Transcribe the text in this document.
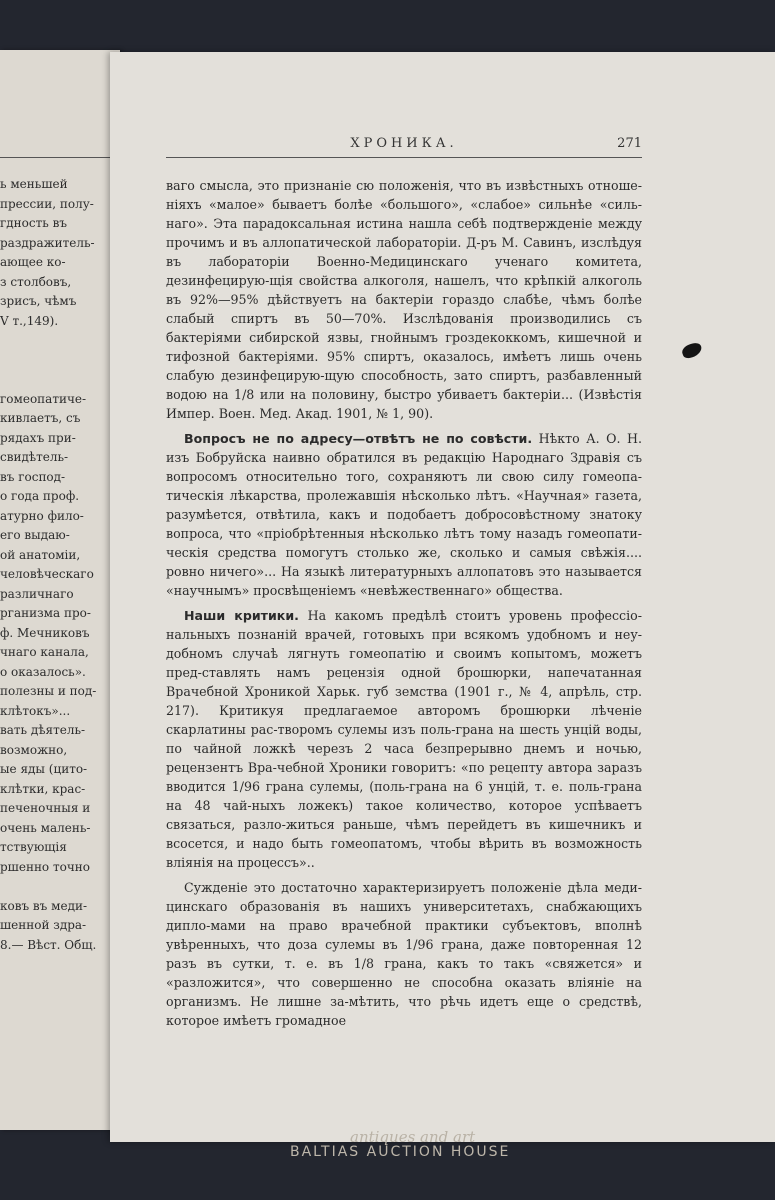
ь меньшей
прессии, полу-
гдность въ
раздражитель-
ающее ко-
з столбовъ,
зрисъ, чѣмъ
V т.,149).
гомеопатиче-
кивлаетъ, съ
рядахъ при-
свидѣтель-
въ господ-
о года проф.
атурно фило-
его выдаю-
ой анатоміи,
человѣческаго
различнаго
рганизма про-
ф. Мечниковъ
чнаго канала,
о оказалось».
полезны и под-
клѣтокъ»...
вать дѣятель-
возможно,
ые яды (цито-
клѣтки, крас-
печеночныя и
очень малень-
тствующія
ршенно точно
ковъ въ меди-
шенной здра-
8.— Вѣст. Общ.
ХРОНИКА.	271

ваго смысла, это признаніе сю положенія, что въ извѣстныхъ отноше-ніяхъ «малое» бываетъ болѣе «большого», «слабое» сильнѣе «силь-наго». Эта парадоксальная истина нашла себѣ подтвержденіе между прочимъ и въ аллопатической лабораторіи. Д-ръ М. Савинъ, изслѣдуя въ лабораторіи Военно-Медицинскаго ученаго комитета, дезинфецирую-щія свойства алкоголя, нашелъ, что крѣпкій алкоголь въ 92%—95% дѣйствуетъ на бактеріи гораздо слабѣе, чѣмъ болѣе слабый спиртъ въ 50—70%. Изслѣдованія производились съ бактеріями сибирской язвы, гнойнымъ гроздекоккомъ, кишечной и тифозной бактеріями. 95% спиртъ, оказалось, имѣетъ лишь очень слабую дезинфецирую-щую способность, зато спиртъ, разбавленный водою на 1/8 или на половину, быстро убиваетъ бактеріи... (Извѣстія Импер. Воен. Мед. Акад. 1901, № 1, 90).

Вопросъ не по адресу—отвѣтъ не по совѣсти. Нѣкто А. О. Н. изъ Бобруйска наивно обратился въ редакцію Народнаго Здравія съ вопросомъ относительно того, сохраняютъ ли свою силу гомеопа-тическія лѣкарства, пролежавшія нѣсколько лѣтъ. «Научная» газета, разумѣется, отвѣтила, какъ и подобаетъ добросовѣстному знатоку вопроса, что «пріобрѣтенныя нѣсколько лѣтъ тому назадъ гомеопати-ческія средства помогутъ столько же, сколько и самыя свѣжія.... ровно ничего»... На языкѣ литературныхъ аллопатовъ это называется «научнымъ» просвѣщеніемъ «невѣжественнаго» общества.

Наши критики. На какомъ предѣлѣ стоитъ уровень профессіо-нальныхъ познаній врачей, готовыхъ при всякомъ удобномъ и неу-добномъ случаѣ лягнуть гомеопатію и своимъ копытомъ, можетъ пред-ставлять намъ рецензія одной брошюрки, напечатанная Врачебной Хроникой Харьк. губ земства (1901 г., № 4, апрѣль, стр. 217). Критикуя предлагаемое авторомъ брошюрки лѣченіе скарлатины рас-творомъ сулемы изъ поль-грана на шесть унцій воды, по чайной ложкѣ черезъ 2 часа безпрерывно днемъ и ночью, рецензентъ Вра-чебной Хроники говоритъ: «по рецепту автора заразъ вводится 1/96 грана сулемы, (поль-грана на 6 унцій, т. е. поль-грана на 48 чай-ныхъ ложекъ) такое количество, которое успѣваетъ связаться, разло-житься раньше, чѣмъ перейдетъ въ кишечникъ и всосется, и надо быть гомеопатомъ, чтобы вѣрить въ возможность вліянія на процессъ»..

Сужденіе это достаточно характеризируетъ положеніе дѣла меди-цинскаго образованія въ нашихъ университетахъ, снабжающихъ дипло-мами на право врачебной практики субъектовъ, вполнѣ увѣренныхъ, что доза сулемы въ 1/96 грана, даже повторенная 12 разъ въ сутки, т. е. въ 1/8 грана, какъ то такъ «свяжется» и «разложится», что совершенно не способна оказать вліяніе на организмъ. Не лишне за-мѣтить, что рѣчь идетъ еще о средствѣ, которое имѣетъ громадное

antiques and art
BALTIAS AUCTION HOUSE
